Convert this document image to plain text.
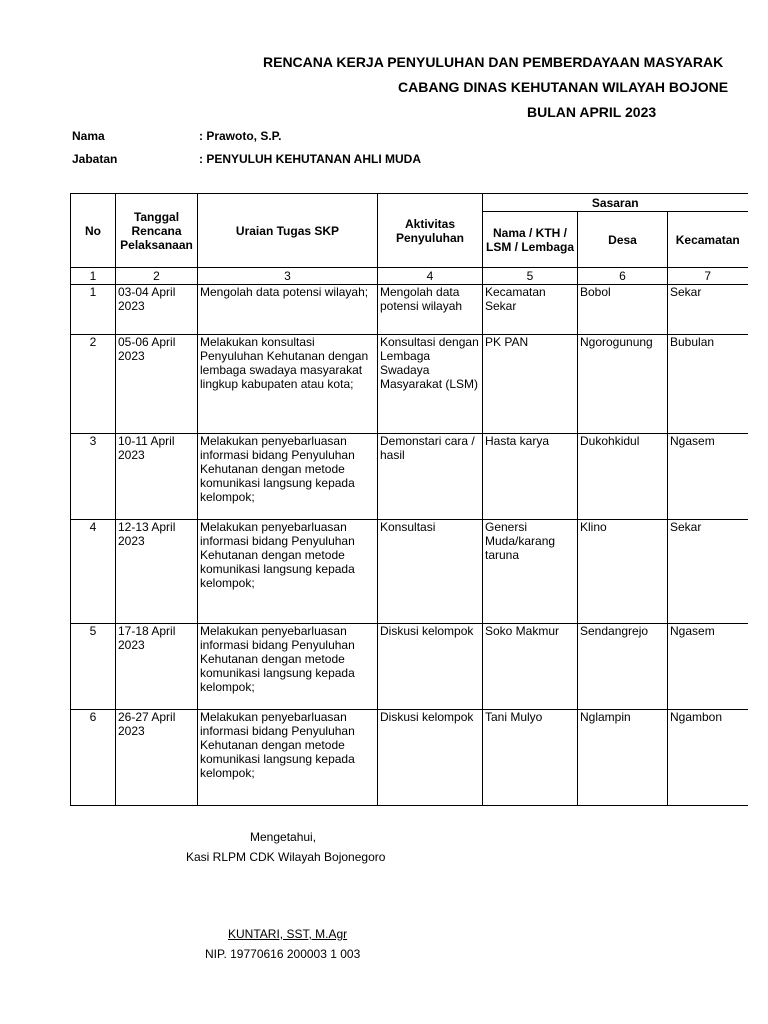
RENCANA KERJA PENYULUHAN DAN PEMBERDAYAAN MASYARAK
CABANG DINAS KEHUTANAN WILAYAH BOJONE
BULAN APRIL 2023
Nama	: Prawoto, S.P.
Jabatan	: PENYULUH KEHUTANAN AHLI MUDA
No	Tanggal Rencana Pelaksanaan	Uraian Tugas SKP	Aktivitas Penyuluhan	Sasaran		
				Nama / KTH / LSM / Lembaga	Desa	Kecamatan
1	2	3	4	5	6	7
1	03-04 April 2023	Mengolah data potensi wilayah;	Mengolah data potensi wilayah	Kecamatan Sekar	Bobol	Sekar
2	05-06 April 2023	Melakukan konsultasi Penyuluhan Kehutanan dengan lembaga swadaya masyarakat lingkup kabupaten atau kota;	Konsultasi dengan Lembaga Swadaya Masyarakat (LSM)	PK PAN	Ngorogunung	Bubulan
3	10-11 April 2023	Melakukan penyebarluasan informasi bidang Penyuluhan Kehutanan dengan metode komunikasi langsung kepada kelompok;	Demonstari cara / hasil	Hasta karya	Dukohkidul	Ngasem
4	12-13 April 2023	Melakukan penyebarluasan informasi bidang Penyuluhan Kehutanan dengan metode komunikasi langsung kepada kelompok;	Konsultasi	Genersi Muda/karang taruna	Klino	Sekar
5	17-18 April 2023	Melakukan penyebarluasan informasi bidang Penyuluhan Kehutanan dengan metode komunikasi langsung kepada kelompok;	Diskusi kelompok	Soko Makmur	Sendangrejo	Ngasem
6	26-27 April 2023	Melakukan penyebarluasan informasi bidang Penyuluhan Kehutanan dengan metode komunikasi langsung kepada kelompok;	Diskusi kelompok	Tani Mulyo	Nglampin	Ngambon
Mengetahui,
Kasi RLPM CDK Wilayah Bojonegoro
KUNTARI, SST, M.Agr
NIP. 19770616 200003 1 003
